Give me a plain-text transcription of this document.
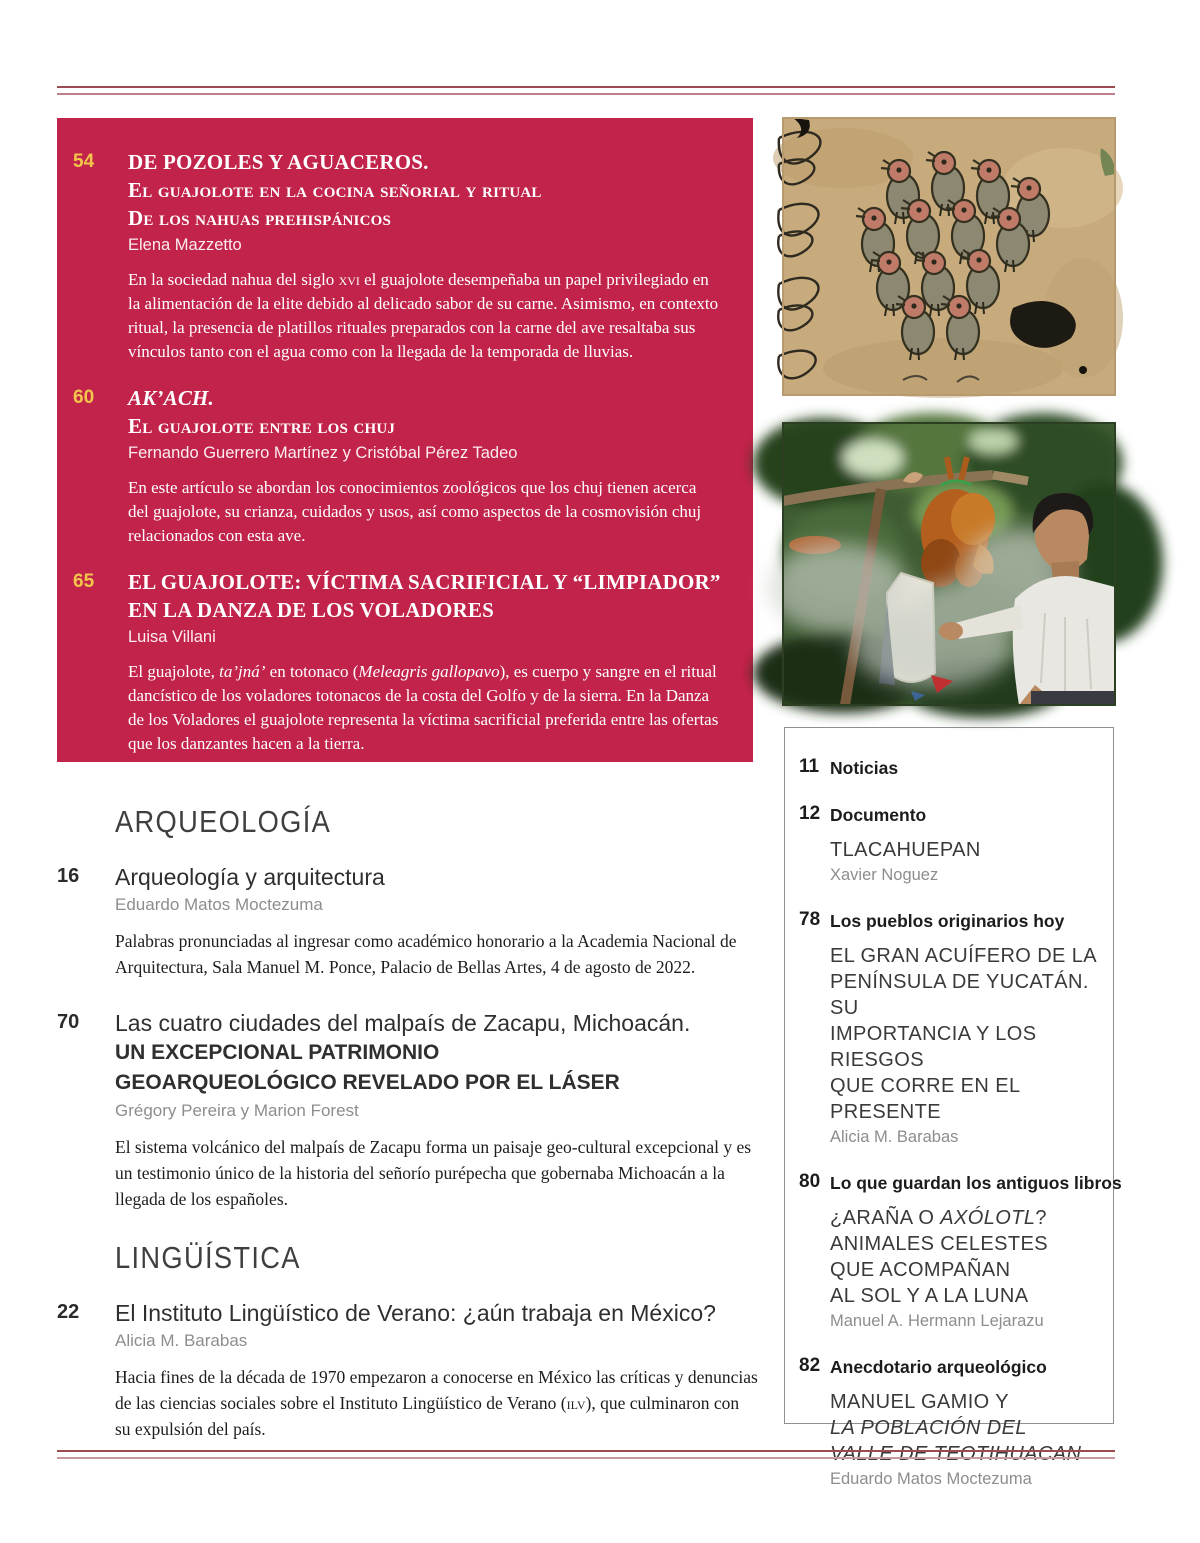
54	DE POZOLES Y AGUACEROS.
El guajolote en la cocina señorial y ritual
De los nahuas prehispánicos
Elena Mazzetto
En la sociedad nahua del siglo xvi el guajolote desempeñaba un papel privilegiado en la alimentación de la elite debido al delicado sabor de su carne. Asimismo, en contexto ritual, la presencia de platillos rituales preparados con la carne del ave resaltaba sus vínculos tanto con el agua como con la llegada de la temporada de lluvias.
60	AK’ACH.
El guajolote entre los chuj
Fernando Guerrero Martínez y Cristóbal Pérez Tadeo
En este artículo se abordan los conocimientos zoológicos que los chuj tienen acerca del guajolote, su crianza, cuidados y usos, así como aspectos de la cosmovisión chuj relacionados con esta ave.
65	EL GUAJOLOTE: VÍCTIMA SACRIFICIAL Y “LIMPIADOR”
EN LA DANZA DE LOS VOLADORES
Luisa Villani
El guajolote, ta’jná’ en totonaco (Meleagris gallopavo), es cuerpo y sangre en el ritual dancístico de los voladores totonacos de la costa del Golfo y de la sierra. En la Danza de los Voladores el guajolote representa la víctima sacrificial preferida entre las ofertas que los danzantes hacen a la tierra.
ARQUEOLOGÍA
16	Arqueología y arquitectura
Eduardo Matos Moctezuma
Palabras pronunciadas al ingresar como académico honorario a la Academia Nacional de Arquitectura, Sala Manuel M. Ponce, Palacio de Bellas Artes, 4 de agosto de 2022.
70	Las cuatro ciudades del malpaís de Zacapu, Michoacán.
UN EXCEPCIONAL PATRIMONIO
GEOARQUEOLÓGICO REVELADO POR EL LÁSER
Grégory Pereira y Marion Forest
El sistema volcánico del malpaís de Zacapu forma un paisaje geo-cultural excepcional y es un testimonio único de la historia del señorío purépecha que gobernaba Michoacán a la llegada de los españoles.
LINGÜÍSTICA
22	El Instituto Lingüístico de Verano: ¿aún trabaja en México?
Alicia M. Barabas
Hacia fines de la década de 1970 empezaron a conocerse en México las críticas y denuncias de las ciencias sociales sobre el Instituto Lingüístico de Verano (ilv), que culminaron con su expulsión del país.
11 Noticias
12 Documento
TLACAHUEPAN
Xavier Noguez
78 Los pueblos originarios hoy
EL GRAN ACUÍFERO DE LA
PENÍNSULA DE YUCATÁN. SU
IMPORTANCIA Y LOS RIESGOS
QUE CORRE EN EL PRESENTE
Alicia M. Barabas
80 Lo que guardan los antiguos libros
¿ARAÑA O AXÓLOTL?
ANIMALES CELESTES
QUE ACOMPAÑAN
AL SOL Y A LA LUNA
Manuel A. Hermann Lejarazu
82 Anecdotario arqueológico
MANUEL GAMIO Y
LA POBLACIÓN DEL
VALLE DE TEOTIHUACAN
Eduardo Matos Moctezuma
